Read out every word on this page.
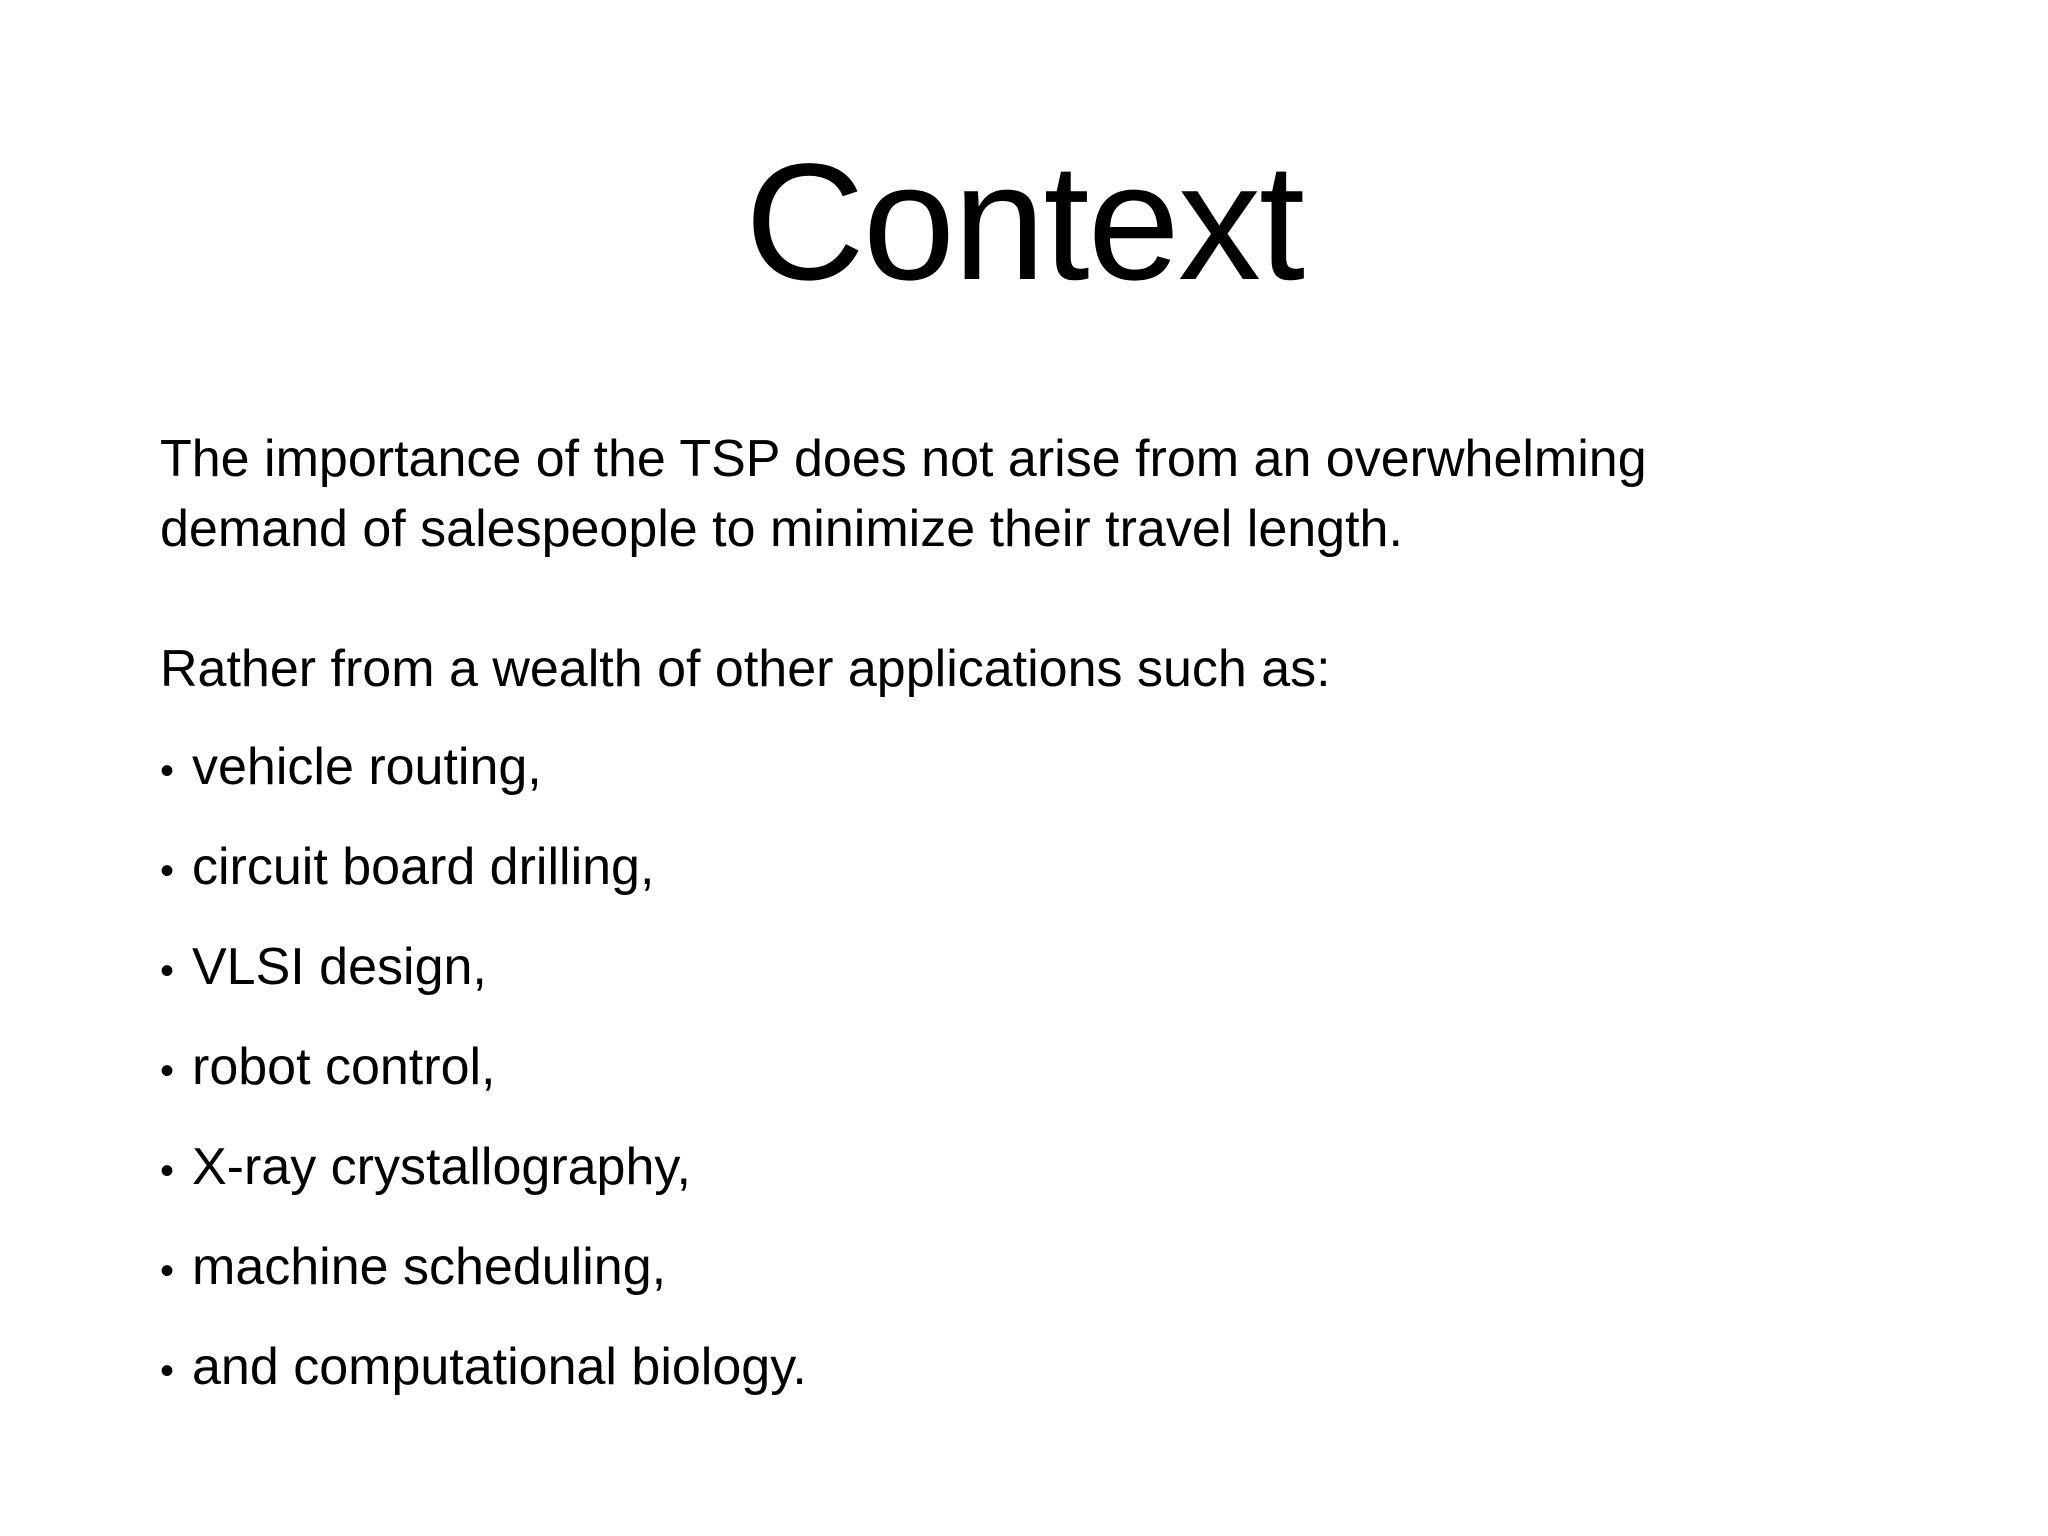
Context

The importance of the TSP does not arise from an overwhelming
demand of salespeople to minimize their travel length.

Rather from a wealth of other applications such as:

• vehicle routing,
• circuit board drilling,
• VLSI design,
• robot control,
• X-ray crystallography,
• machine scheduling,
• and computational biology.
